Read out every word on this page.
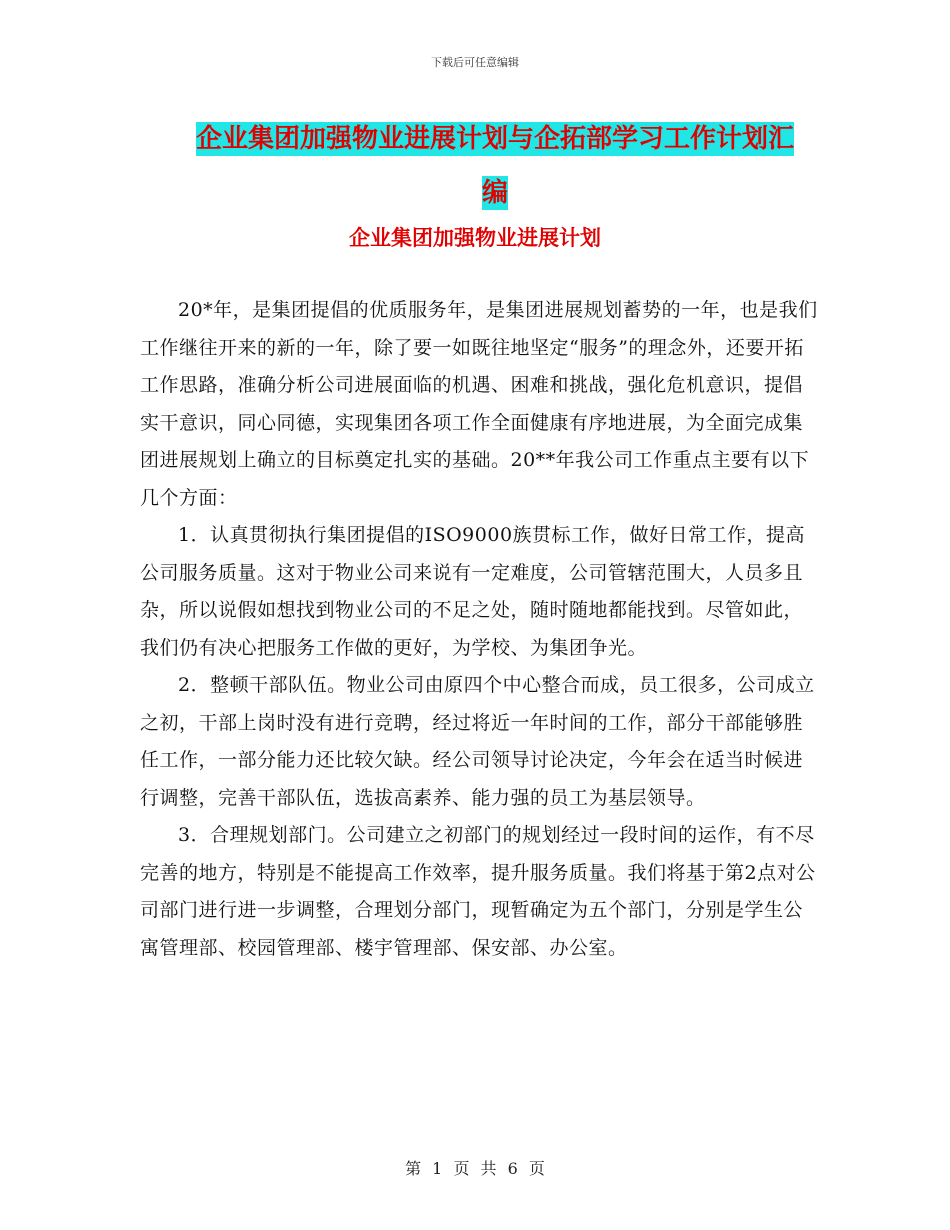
下载后可任意编辑
企业集团加强物业进展计划与企拓部学习工作计划汇
编
企业集团加强物业进展计划

20*年，是集团提倡的优质服务年，是集团进展规划蓄势的一年，也是我们工作继往开来的新的一年，除了要一如既往地坚定“服务”的理念外，还要开拓工作思路，准确分析公司进展面临的机遇、困难和挑战，强化危机意识，提倡实干意识，同心同德，实现集团各项工作全面健康有序地进展，为全面完成集团进展规划上确立的目标奠定扎实的基础。20**年我公司工作重点主要有以下几个方面：

1．认真贯彻执行集团提倡的ISO9000族贯标工作，做好日常工作，提高公司服务质量。这对于物业公司来说有一定难度，公司管辖范围大，人员多且杂，所以说假如想找到物业公司的不足之处，随时随地都能找到。尽管如此，我们仍有决心把服务工作做的更好，为学校、为集团争光。

2．整顿干部队伍。物业公司由原四个中心整合而成，员工很多，公司成立之初，干部上岗时没有进行竞聘，经过将近一年时间的工作，部分干部能够胜任工作，一部分能力还比较欠缺。经公司领导讨论决定，今年会在适当时候进行调整，完善干部队伍，选拔高素养、能力强的员工为基层领导。

3．合理规划部门。公司建立之初部门的规划经过一段时间的运作，有不尽完善的地方，特别是不能提高工作效率，提升服务质量。我们将基于第2点对公司部门进行进一步调整，合理划分部门，现暂确定为五个部门，分别是学生公寓管理部、校园管理部、楼宇管理部、保安部、办公室。

第 1 页 共 6 页
